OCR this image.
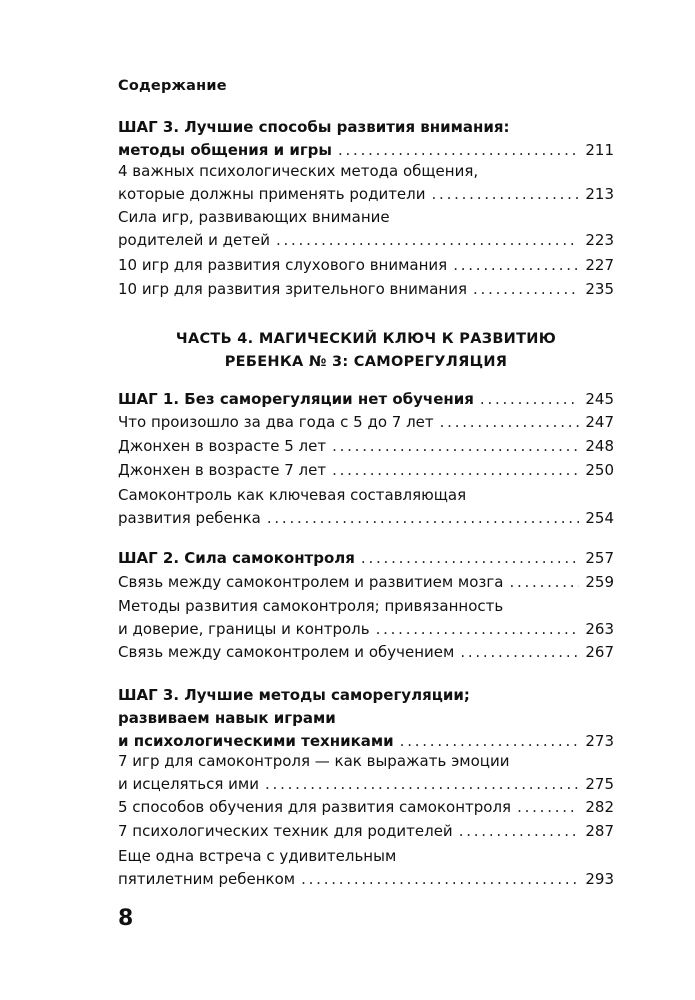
Содержание
ШАГ 3. Лучшие способы развития внимания:
методы общения и игры . . .	211
4 важных психологических метода общения,
которые должны применять родители . . .	213
Сила игр, развивающих внимание
родителей и детей . . .	223
10 игр для развития слухового внимания . . .	227
10 игр для развития зрительного внимания . . .	235
ЧАСТЬ 4. МАГИЧЕСКИЙ КЛЮЧ К РАЗВИТИЮ
РЕБЕНКА № 3: САМОРЕГУЛЯЦИЯ
ШАГ 1. Без саморегуляции нет обучения . . .	245
Что произошло за два года с 5 до 7 лет . . .	247
Джонхен в возрасте 5 лет . . .	248
Джонхен в возрасте 7 лет . . .	250
Самоконтроль как ключевая составляющая
развития ребенка . . .	254
ШАГ 2. Сила самоконтроля . . .	257
Связь между самоконтролем и развитием мозга . . .	259
Методы развития самоконтроля; привязанность
и доверие, границы и контроль . . .	263
Связь между самоконтролем и обучением . . .	267
ШАГ 3. Лучшие методы саморегуляции;
развиваем навык играми
и психологическими техниками . . .	273
7 игр для самоконтроля — как выражать эмоции
и исцеляться ими . . .	275
5 способов обучения для развития самоконтроля . . .	282
7 психологических техник для родителей . . .	287
Еще одна встреча с удивительным
пятилетним ребенком . . .	293
8
